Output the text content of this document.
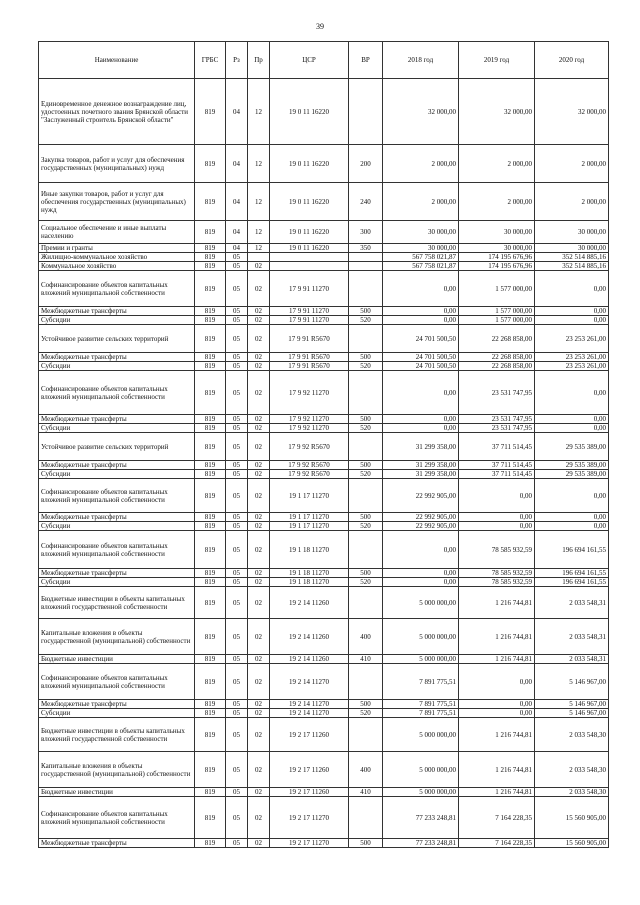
39
Наименование	ГРБС	Рз	Пр	ЦСР	ВР	2018 год	2019 год	2020 год
Единовременное денежное вознаграждение лиц, удостоенных почетного звания Брянской области "Заслуженный строитель Брянской области"	819	04	12	19 0 11 16220		32 000,00	32 000,00	32 000,00
Закупка товаров, работ и услуг для обеспечения государственных (муниципальных) нужд	819	04	12	19 0 11 16220	200	2 000,00	2 000,00	2 000,00
Иные закупки товаров, работ и услуг для обеспечения государственных (муниципальных) нужд	819	04	12	19 0 11 16220	240	2 000,00	2 000,00	2 000,00
Социальное обеспечение и иные выплаты населению	819	04	12	19 0 11 16220	300	30 000,00	30 000,00	30 000,00
Премии и гранты	819	04	12	19 0 11 16220	350	30 000,00	30 000,00	30 000,00
Жилищно-коммунальное хозяйство	819	05				567 758 021,87	174 195 676,96	352 514 885,16
Коммунальное хозяйство	819	05	02			567 758 021,87	174 195 676,96	352 514 885,16
Софинансирование объектов капитальных вложений муниципальной собственности	819	05	02	17 9 91 11270		0,00	1 577 000,00	0,00
Межбюджетные трансферты	819	05	02	17 9 91 11270	500	0,00	1 577 000,00	0,00
Субсидии	819	05	02	17 9 91 11270	520	0,00	1 577 000,00	0,00
Устойчивое развитие сельских территорий	819	05	02	17 9 91 R5670		24 701 500,50	22 268 858,00	23 253 261,00
Межбюджетные трансферты	819	05	02	17 9 91 R5670	500	24 701 500,50	22 268 858,00	23 253 261,00
Субсидии	819	05	02	17 9 91 R5670	520	24 701 500,50	22 268 858,00	23 253 261,00
Софинансирование объектов капитальных вложений муниципальной собственности	819	05	02	17 9 92 11270		0,00	23 531 747,95	0,00
Межбюджетные трансферты	819	05	02	17 9 92 11270	500	0,00	23 531 747,95	0,00
Субсидии	819	05	02	17 9 92 11270	520	0,00	23 531 747,95	0,00
Устойчивое развитие сельских территорий	819	05	02	17 9 92 R5670		31 299 358,00	37 711 514,45	29 535 389,00
Межбюджетные трансферты	819	05	02	17 9 92 R5670	500	31 299 358,00	37 711 514,45	29 535 389,00
Субсидии	819	05	02	17 9 92 R5670	520	31 299 358,00	37 711 514,45	29 535 389,00
Софинансирование объектов капитальных вложений муниципальной собственности	819	05	02	19 1 17 11270		22 992 905,00	0,00	0,00
Межбюджетные трансферты	819	05	02	19 1 17 11270	500	22 992 905,00	0,00	0,00
Субсидии	819	05	02	19 1 17 11270	520	22 992 905,00	0,00	0,00
Софинансирование объектов капитальных вложений муниципальной собственности	819	05	02	19 1 18 11270		0,00	78 585 932,59	196 694 161,55
Межбюджетные трансферты	819	05	02	19 1 18 11270	500	0,00	78 585 932,59	196 694 161,55
Субсидии	819	05	02	19 1 18 11270	520	0,00	78 585 932,59	196 694 161,55
Бюджетные инвестиции в объекты капитальных вложений государственной собственности	819	05	02	19 2 14 11260		5 000 000,00	1 216 744,81	2 033 548,31
Капитальные вложения в объекты государственной (муниципальной) собственности	819	05	02	19 2 14 11260	400	5 000 000,00	1 216 744,81	2 033 548,31
Бюджетные инвестиции	819	05	02	19 2 14 11260	410	5 000 000,00	1 216 744,81	2 033 548,31
Софинансирование объектов капитальных вложений муниципальной собственности	819	05	02	19 2 14 11270		7 891 775,51	0,00	5 146 967,00
Межбюджетные трансферты	819	05	02	19 2 14 11270	500	7 891 775,51	0,00	5 146 967,00
Субсидии	819	05	02	19 2 14 11270	520	7 891 775,51	0,00	5 146 967,00
Бюджетные инвестиции в объекты капитальных вложений государственной собственности	819	05	02	19 2 17 11260		5 000 000,00	1 216 744,81	2 033 548,30
Капитальные вложения в объекты государственной (муниципальной) собственности	819	05	02	19 2 17 11260	400	5 000 000,00	1 216 744,81	2 033 548,30
Бюджетные инвестиции	819	05	02	19 2 17 11260	410	5 000 000,00	1 216 744,81	2 033 548,30
Софинансирование объектов капитальных вложений муниципальной собственности	819	05	02	19 2 17 11270		77 233 248,81	7 164 228,35	15 560 905,00
Межбюджетные трансферты	819	05	02	19 2 17 11270	500	77 233 248,81	7 164 228,35	15 560 905,00
